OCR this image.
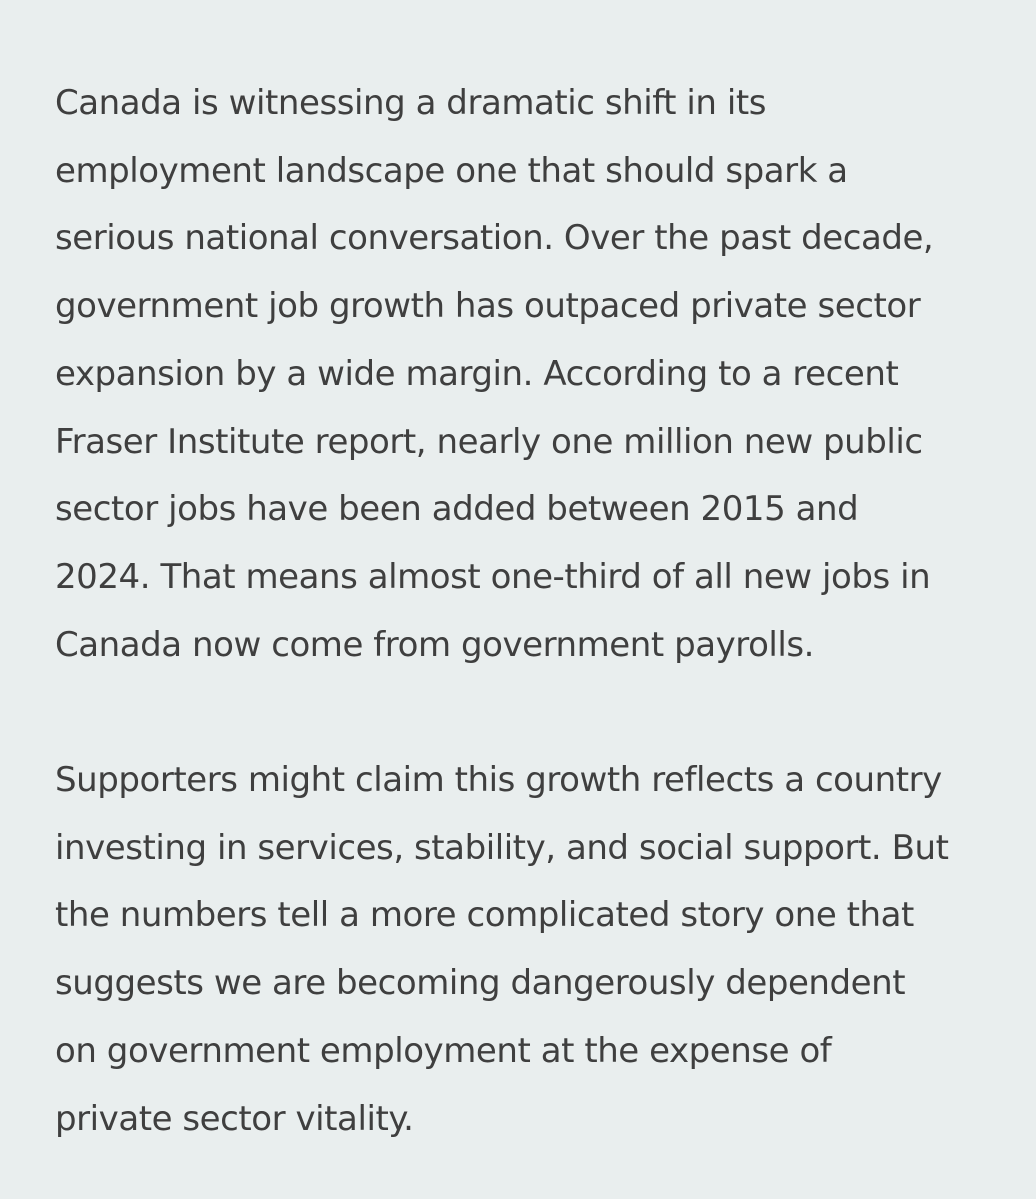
Canada is witnessing a dramatic shift in its
employment landscape one that should spark a
serious national conversation. Over the past decade,
government job growth has outpaced private sector
expansion by a wide margin. According to a recent
Fraser Institute report, nearly one million new public
sector jobs have been added between 2015 and
2024. That means almost one-third of all new jobs in
Canada now come from government payrolls.

Supporters might claim this growth reflects a country
investing in services, stability, and social support. But
the numbers tell a more complicated story one that
suggests we are becoming dangerously dependent
on government employment at the expense of
private sector vitality.
